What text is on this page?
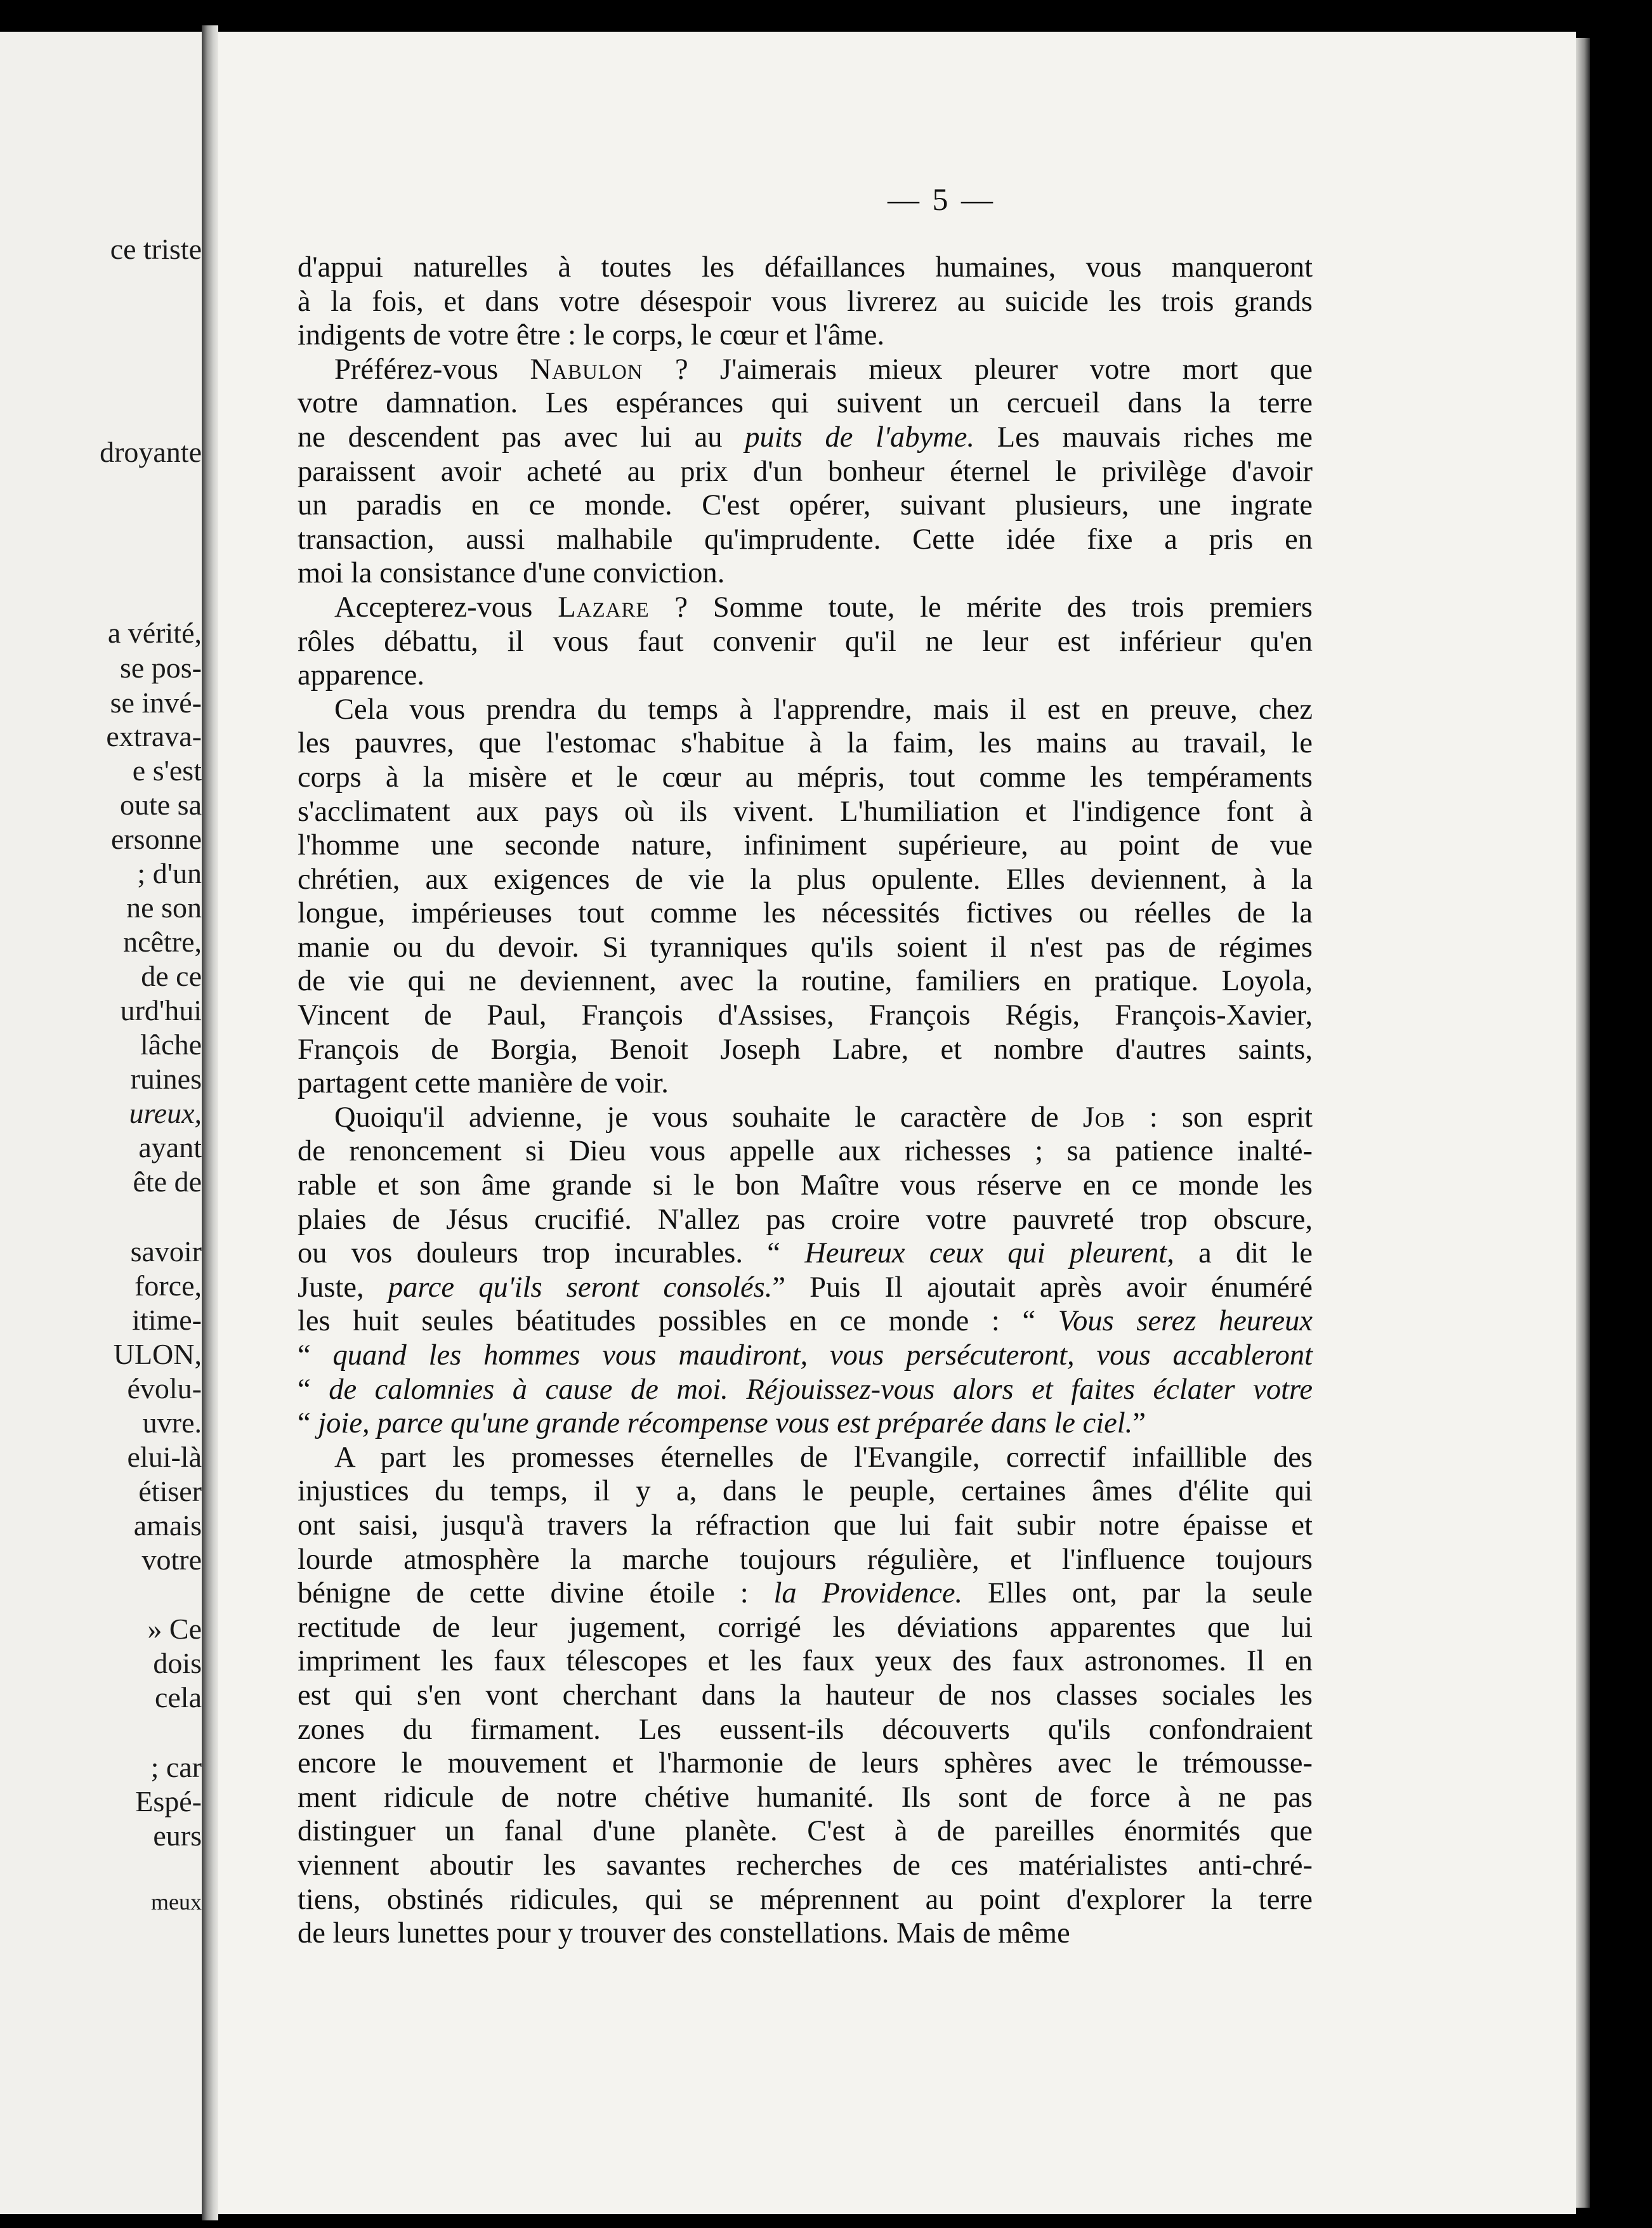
ce triste
droyante
a vérité,
se pos-
se invé-
extrava-
e s'est
oute sa
ersonne
; d'un
ne son
ncêtre,
de ce
urd'hui
lâche
ruines
ureux,
ayant
ête de
savoir
force,
itime-
ULON,
évolu-
uvre.
elui-là
étiser
amais
votre
» Ce
dois
cela
; car
Espé-
eurs
meux
— 5 —

d'appui naturelles à toutes les défaillances humaines, vous manqueront
à la fois, et dans votre désespoir vous livrerez au suicide les trois grands
indigents de votre être : le corps, le cœur et l'âme.

Préférez-vous Nabulon ? J'aimerais mieux pleurer votre mort que
votre damnation. Les espérances qui suivent un cercueil dans la terre
ne descendent pas avec lui au puits de l'abyme. Les mauvais riches me
paraissent avoir acheté au prix d'un bonheur éternel le privilège d'avoir
un paradis en ce monde. C'est opérer, suivant plusieurs, une ingrate
transaction, aussi malhabile qu'imprudente. Cette idée fixe a pris en
moi la consistance d'une conviction.

Accepterez-vous Lazare ? Somme toute, le mérite des trois premiers
rôles débattu, il vous faut convenir qu'il ne leur est inférieur qu'en
apparence.

Cela vous prendra du temps à l'apprendre, mais il est en preuve, chez
les pauvres, que l'estomac s'habitue à la faim, les mains au travail, le
corps à la misère et le cœur au mépris, tout comme les tempéraments
s'acclimatent aux pays où ils vivent. L'humiliation et l'indigence font à
l'homme une seconde nature, infiniment supérieure, au point de vue
chrétien, aux exigences de vie la plus opulente. Elles deviennent, à la
longue, impérieuses tout comme les nécessités fictives ou réelles de la
manie ou du devoir. Si tyranniques qu'ils soient il n'est pas de régimes
de vie qui ne deviennent, avec la routine, familiers en pratique. Loyola,
Vincent de Paul, François d'Assises, François Régis, François-Xavier,
François de Borgia, Benoit Joseph Labre, et nombre d'autres saints,
partagent cette manière de voir.

Quoiqu'il advienne, je vous souhaite le caractère de Job : son esprit
de renoncement si Dieu vous appelle aux richesses ; sa patience inalté-
rable et son âme grande si le bon Maître vous réserve en ce monde les
plaies de Jésus crucifié. N'allez pas croire votre pauvreté trop obscure,
ou vos douleurs trop incurables. “ Heureux ceux qui pleurent, a dit le
Juste, parce qu'ils seront consolés.” Puis Il ajoutait après avoir énuméré
les huit seules béatitudes possibles en ce monde : “ Vous serez heureux
“ quand les hommes vous maudiront, vous persécuteront, vous accableront
“ de calomnies à cause de moi. Réjouissez-vous alors et faites éclater votre
“ joie, parce qu'une grande récompense vous est préparée dans le ciel.”

A part les promesses éternelles de l'Evangile, correctif infaillible des
injustices du temps, il y a, dans le peuple, certaines âmes d'élite qui
ont saisi, jusqu'à travers la réfraction que lui fait subir notre épaisse et
lourde atmosphère la marche toujours régulière, et l'influence toujours
bénigne de cette divine étoile : la Providence. Elles ont, par la seule
rectitude de leur jugement, corrigé les déviations apparentes que lui
impriment les faux télescopes et les faux yeux des faux astronomes. Il en
est qui s'en vont cherchant dans la hauteur de nos classes sociales les
zones du firmament. Les eussent-ils découverts qu'ils confondraient
encore le mouvement et l'harmonie de leurs sphères avec le trémousse-
ment ridicule de notre chétive humanité. Ils sont de force à ne pas
distinguer un fanal d'une planète. C'est à de pareilles énormités que
viennent aboutir les savantes recherches de ces matérialistes anti-chré-
tiens, obstinés ridicules, qui se méprennent au point d'explorer la terre
de leurs lunettes pour y trouver des constellations. Mais de même
